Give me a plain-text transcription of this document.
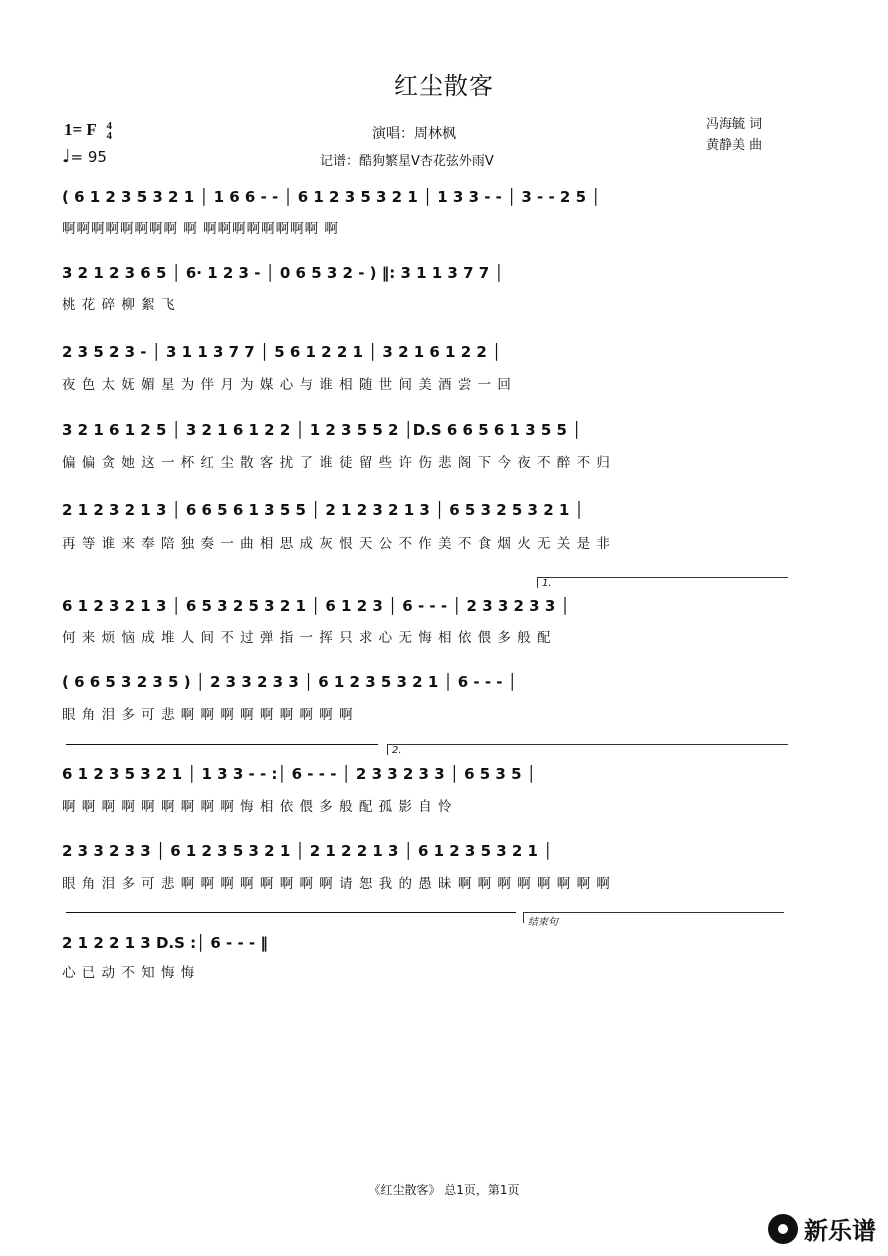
红尘散客
1= F 4
4
♩= 95
演唱：周林枫
记谱：酷狗繁星V杏花弦外雨V
冯海毓 词
黄静美 曲
( 6 1 2 3 5 3 2 1 │ 1 6 6 - - │ 6 1 2 3 5 3 2 1 │ 1 3 3 - - │ 3 - - 2 5 │
啊啊啊啊啊啊啊啊 啊 啊啊啊啊啊啊啊啊 啊
3 2 1 2 3 6 5 │ 6· 1 2 3 - │ 0 6 5 3 2 - ) ‖: 3 1 1 3 7 7 │
桃 花 碎 柳 絮 飞
2 3 5 2 3 - │ 3 1 1 3 7 7 │ 5 6 1 2 2 1 │ 3 2 1 6 1 2 2 │
夜 色 太 妩 媚 星 为 伴 月 为 媒 心 与 谁 相 随 世 间 美 酒 尝 一 回
3 2 1 6 1 2 5 │ 3 2 1 6 1 2 2 │ 1 2 3 5 5 2 │D.S 6 6 5 6 1 3 5 5 │
偏 偏 贪 她 这 一 杯 红 尘 散 客 扰 了 谁 徒 留 些 许 伤 悲 阁 下 今 夜 不 醉 不 归
2 1 2 3 2 1 3 │ 6 6 5 6 1 3 5 5 │ 2 1 2 3 2 1 3 │ 6 5 3 2 5 3 2 1 │
再 等 谁 来 奉 陪 独 奏 一 曲 相 思 成 灰 恨 天 公 不 作 美 不 食 烟 火 无 关 是 非
1.
6 1 2 3 2 1 3 │ 6 5 3 2 5 3 2 1 │ 6 1 2 3 │ 6 - - - │ 2 3 3 2 3 3 │
何 来 烦 恼 成 堆 人 间 不 过 弹 指 一 挥 只 求 心 无 悔 相 依 偎 多 般 配
( 6 6 5 3 2 3 5 ) │ 2 3 3 2 3 3 │ 6 1 2 3 5 3 2 1 │ 6 - - - │
眼 角 泪 多 可 悲 啊 啊 啊 啊 啊 啊 啊 啊 啊
2.
6 1 2 3 5 3 2 1 │ 1 3 3 - - :│ 6 - - - │ 2 3 3 2 3 3 │ 6 5 3 5 │
啊 啊 啊 啊 啊 啊 啊 啊 啊 悔 相 依 偎 多 般 配 孤 影 自 怜
2 3 3 2 3 3 │ 6 1 2 3 5 3 2 1 │ 2 1 2 2 1 3 │ 6 1 2 3 5 3 2 1 │
眼 角 泪 多 可 悲 啊 啊 啊 啊 啊 啊 啊 啊 请 恕 我 的 愚 昧 啊 啊 啊 啊 啊 啊 啊 啊
结束句
2 1 2 2 1 3 D.S :│ 6 - - - ‖
心 已 动 不 知 悔 悔
《红尘散客》 总1页，第1页
新乐谱
